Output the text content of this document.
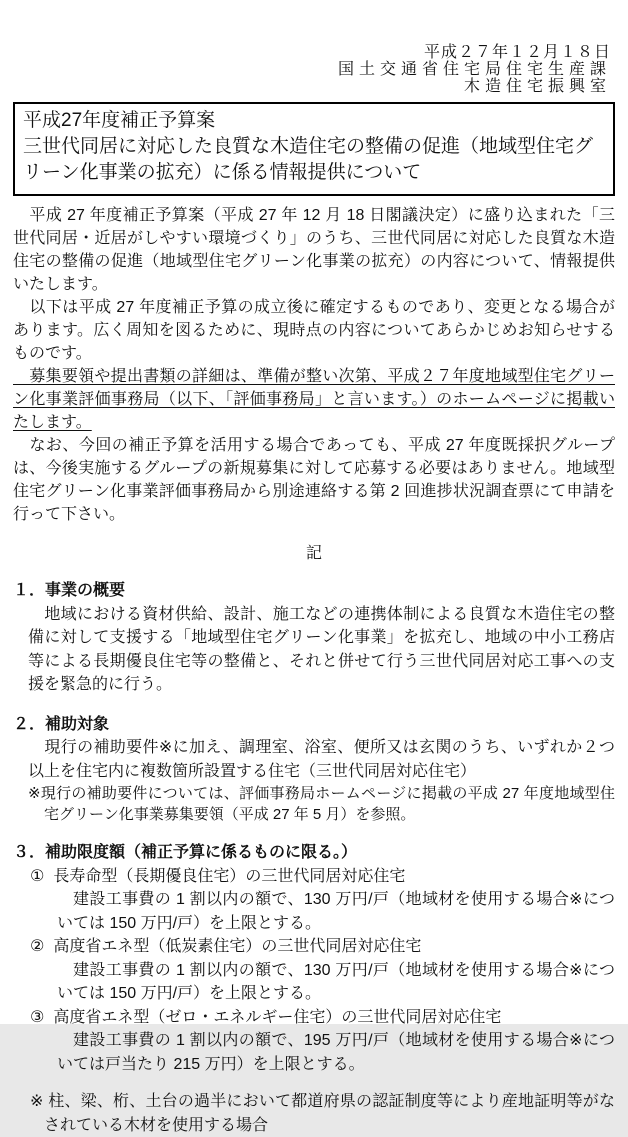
平成２７年１２月１８日
国土交通省住宅局住宅生産課
木造住宅振興室
平成27年度補正予算案
三世代同居に対応した良質な木造住宅の整備の促進（地域型住宅グリーン化事業の拡充）に係る情報提供について

　平成 27 年度補正予算案（平成 27 年 12 月 18 日閣議決定）に盛り込まれた「三世代同居・近居がしやすい環境づくり」のうち、三世代同居に対応した良質な木造住宅の整備の促進（地域型住宅グリーン化事業の拡充）の内容について、情報提供いたします。

　以下は平成 27 年度補正予算の成立後に確定するものであり、変更となる場合があります。広く周知を図るために、現時点の内容についてあらかじめお知らせするものです。

　募集要領や提出書類の詳細は、準備が整い次第、平成２７年度地域型住宅グリーン化事業評価事務局（以下、「評価事務局」と言います。）のホームページに掲載いたします。

　なお、今回の補正予算を活用する場合であっても、平成 27 年度既採択グループは、今後実施するグループの新規募集に対して応募する必要はありません。地域型住宅グリーン化事業評価事務局から別途連絡する第 2 回進捗状況調査票にて申請を行って下さい。

記
１．事業の概要

　地域における資材供給、設計、施工などの連携体制による良質な木造住宅の整備に対して支援する「地域型住宅グリーン化事業」を拡充し、地域の中小工務店等による長期優良住宅等の整備と、それと併せて行う三世代同居対応工事への支援を緊急的に行う。

２．補助対象

　現行の補助要件※に加え、調理室、浴室、便所又は玄関のうち、いずれか２つ以上を住宅内に複数箇所設置する住宅（三世代同居対応住宅）

※現行の補助要件については、評価事務局ホームページに掲載の平成 27 年度地域型住宅グリーン化事業募集要領（平成 27 年 5 月）を参照。

３．補助限度額（補正予算に係るものに限る。）
① 長寿命型（長期優良住宅）の三世代同居対応住宅

建設工事費の 1 割以内の額で、130 万円/戸（地域材を使用する場合※については 150 万円/戸）を上限とする。

② 高度省エネ型（低炭素住宅）の三世代同居対応住宅

建設工事費の 1 割以内の額で、130 万円/戸（地域材を使用する場合※については 150 万円/戸）を上限とする。

③ 高度省エネ型（ゼロ・エネルギー住宅）の三世代同居対応住宅

建設工事費の 1 割以内の額で、195 万円/戸（地域材を使用する場合※については戸当たり 215 万円）を上限とする。

※ 柱、梁、桁、土台の過半において都道府県の認証制度等により産地証明等がなされている木材を使用する場合
